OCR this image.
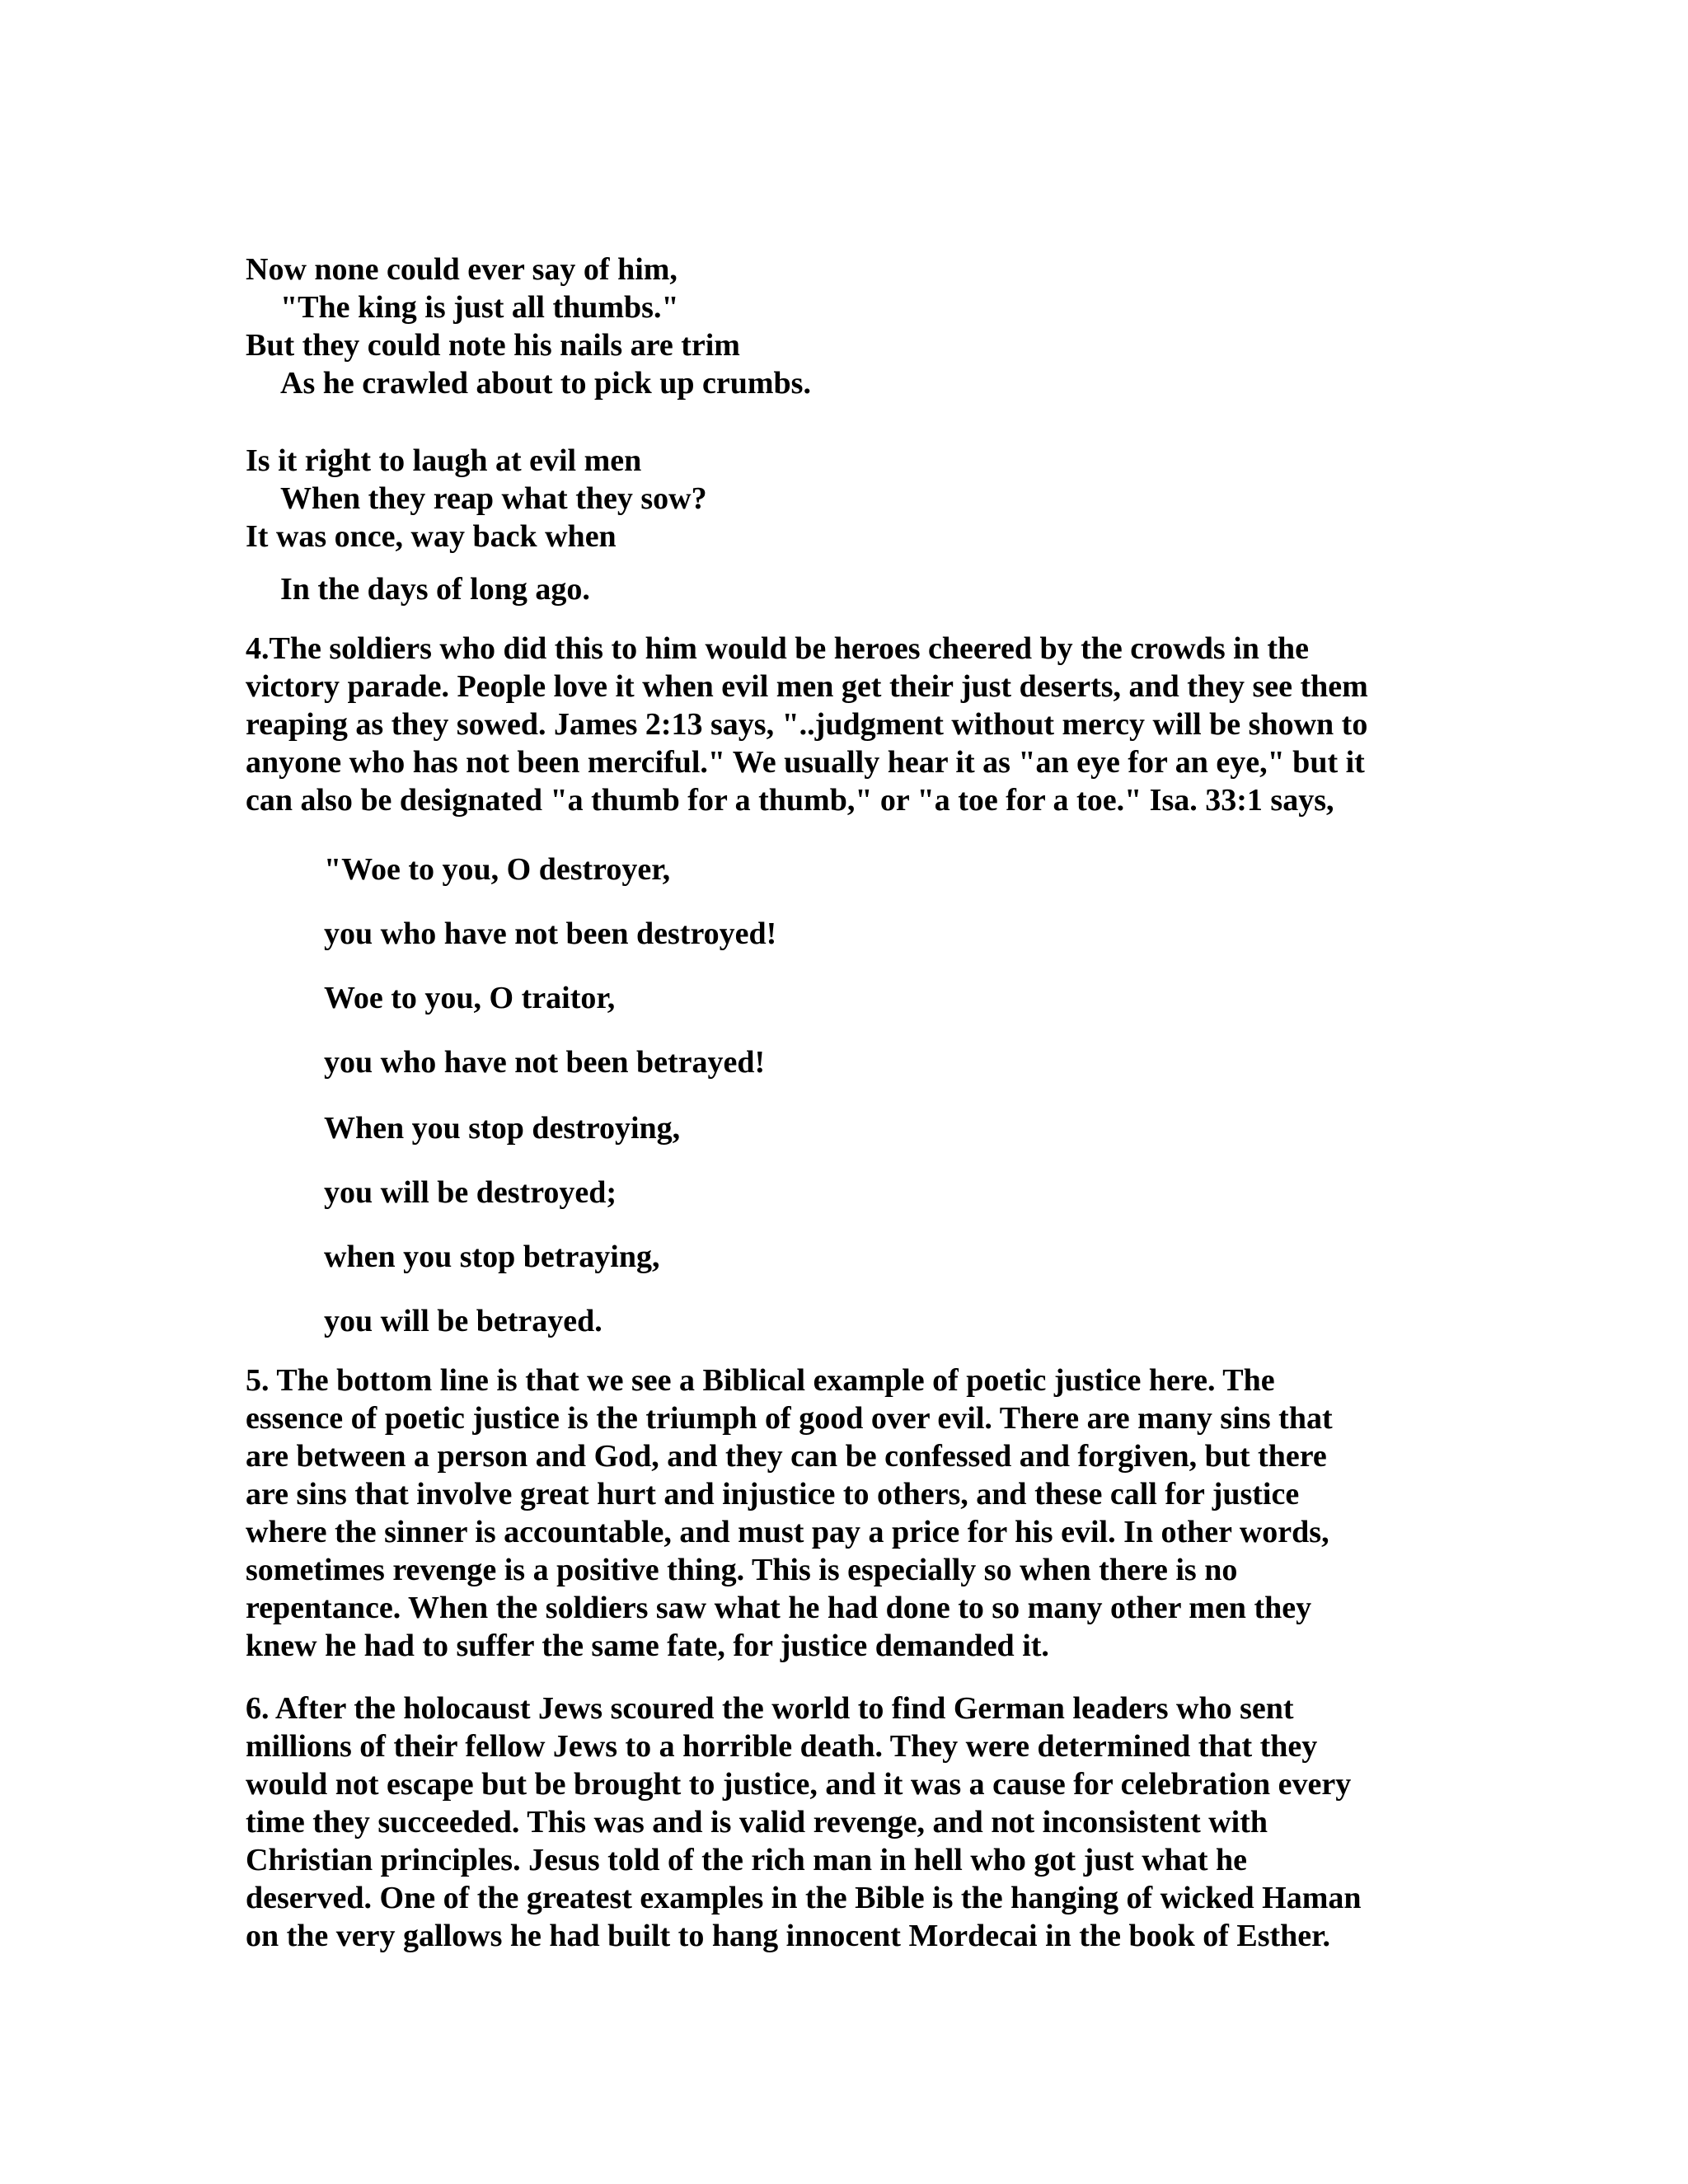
Now none could ever say of him,

"The king is just all thumbs."

But they could note his nails are trim

As he crawled about to pick up crumbs.

Is it right to laugh at evil men

When they reap what they sow?

It was once, way back when

In the days of long ago.

4.The soldiers who did this to him would be heroes cheered by the crowds in the
victory parade. People love it when evil men get their just deserts, and they see them
reaping as they sowed. James 2:13 says, "..judgment without mercy will be shown to
anyone who has not been merciful." We usually hear it as "an eye for an eye," but it
can also be designated "a thumb for a thumb," or "a toe for a toe." Isa. 33:1 says,

"Woe to you, O destroyer,

you who have not been destroyed!

Woe to you, O traitor,

you who have not been betrayed!

When you stop destroying,

you will be destroyed;

when you stop betraying,

you will be betrayed.

5. The bottom line is that we see a Biblical example of poetic justice here. The
essence of poetic justice is the triumph of good over evil. There are many sins that
are between a person and God, and they can be confessed and forgiven, but there
are sins that involve great hurt and injustice to others, and these call for justice
where the sinner is accountable, and must pay a price for his evil. In other words,
sometimes revenge is a positive thing. This is especially so when there is no
repentance. When the soldiers saw what he had done to so many other men they
knew he had to suffer the same fate, for justice demanded it.
6. After the holocaust Jews scoured the world to find German leaders who sent
millions of their fellow Jews to a horrible death. They were determined that they
would not escape but be brought to justice, and it was a cause for celebration every
time they succeeded. This was and is valid revenge, and not inconsistent with
Christian principles. Jesus told of the rich man in hell who got just what he
deserved. One of the greatest examples in the Bible is the hanging of wicked Haman
on the very gallows he had built to hang innocent Mordecai in the book of Esther.
